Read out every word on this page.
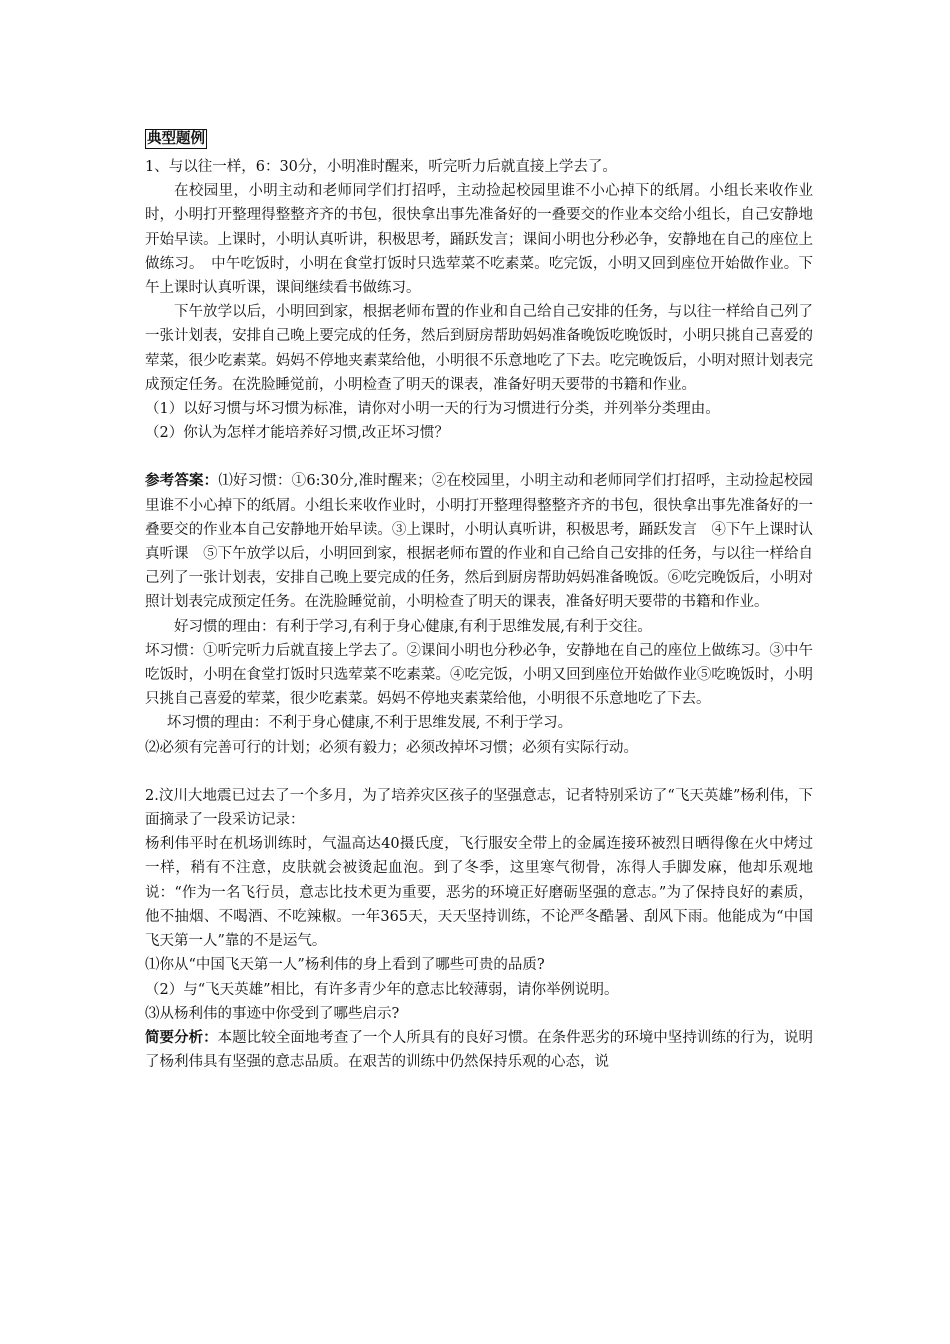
典型题例

1、与以往一样，6：30分，小明准时醒来，听完听力后就直接上学去了。

在校园里，小明主动和老师同学们打招呼，主动捡起校园里谁不小心掉下的纸屑。小组长来收作业时，小明打开整理得整整齐齐的书包，很快拿出事先准备好的一叠要交的作业本交给小组长，自己安静地开始早读。上课时，小明认真听讲，积极思考，踊跃发言；课间小明也分秒必争，安静地在自己的座位上做练习。　中午吃饭时，小明在食堂打饭时只选荤菜不吃素菜。吃完饭，小明又回到座位开始做作业。下午上课时认真听课，课间继续看书做练习。

下午放学以后，小明回到家，根据老师布置的作业和自己给自己安排的任务，与以往一样给自己列了一张计划表，安排自己晚上要完成的任务，然后到厨房帮助妈妈准备晚饭吃晚饭时，小明只挑自己喜爱的荤菜，很少吃素菜。妈妈不停地夹素菜给他，小明很不乐意地吃了下去。吃完晚饭后，小明对照计划表完成预定任务。在洗脸睡觉前，小明检查了明天的课表，准备好明天要带的书籍和作业。

（1）以好习惯与坏习惯为标准，请你对小明一天的行为习惯进行分类，并列举分类理由。

（2）你认为怎样才能培养好习惯,改正坏习惯？

参考答案：⑴好习惯：①6:30分,准时醒来；②在校园里，小明主动和老师同学们打招呼，主动捡起校园里谁不小心掉下的纸屑。小组长来收作业时，小明打开整理得整整齐齐的书包，很快拿出事先准备好的一叠要交的作业本自己安静地开始早读。③上课时，小明认真听讲，积极思考，踊跃发言　④下午上课时认真听课　⑤下午放学以后，小明回到家，根据老师布置的作业和自己给自己安排的任务，与以往一样给自己列了一张计划表，安排自己晚上要完成的任务，然后到厨房帮助妈妈准备晚饭。⑥吃完晚饭后，小明对照计划表完成预定任务。在洗脸睡觉前，小明检查了明天的课表，准备好明天要带的书籍和作业。

好习惯的理由：有利于学习,有利于身心健康,有利于思维发展,有利于交往。

坏习惯：①听完听力后就直接上学去了。②课间小明也分秒必争，安静地在自己的座位上做练习。③中午吃饭时，小明在食堂打饭时只选荤菜不吃素菜。④吃完饭，小明又回到座位开始做作业⑤吃晚饭时，小明只挑自己喜爱的荤菜，很少吃素菜。妈妈不停地夹素菜给他，小明很不乐意地吃了下去。

坏习惯的理由：不利于身心健康,不利于思维发展, 不利于学习。

⑵必须有完善可行的计划；必须有毅力；必须改掉坏习惯；必须有实际行动。

2.汶川大地震已过去了一个多月，为了培养灾区孩子的坚强意志，记者特别采访了“飞天英雄”杨利伟，下面摘录了一段采访记录：

杨利伟平时在机场训练时，气温高达40摄氏度，飞行服安全带上的金属连接环被烈日晒得像在火中烤过一样，稍有不注意，皮肤就会被烫起血泡。到了冬季，这里寒气彻骨，冻得人手脚发麻，他却乐观地说：“作为一名飞行员，意志比技术更为重要，恶劣的环境正好磨砺坚强的意志。”为了保持良好的素质，他不抽烟、不喝酒、不吃辣椒。一年365天，天天坚持训练，不论严冬酷暑、刮风下雨。他能成为“中国飞天第一人”靠的不是运气。

⑴你从“中国飞天第一人”杨利伟的身上看到了哪些可贵的品质?

（2）与“飞天英雄”相比，有许多青少年的意志比较薄弱，请你举例说明。

⑶从杨利伟的事迹中你受到了哪些启示?

简要分析：本题比较全面地考查了一个人所具有的良好习惯。在条件恶劣的环境中坚持训练的行为，说明了杨利伟具有坚强的意志品质。在艰苦的训练中仍然保持乐观的心态，说
